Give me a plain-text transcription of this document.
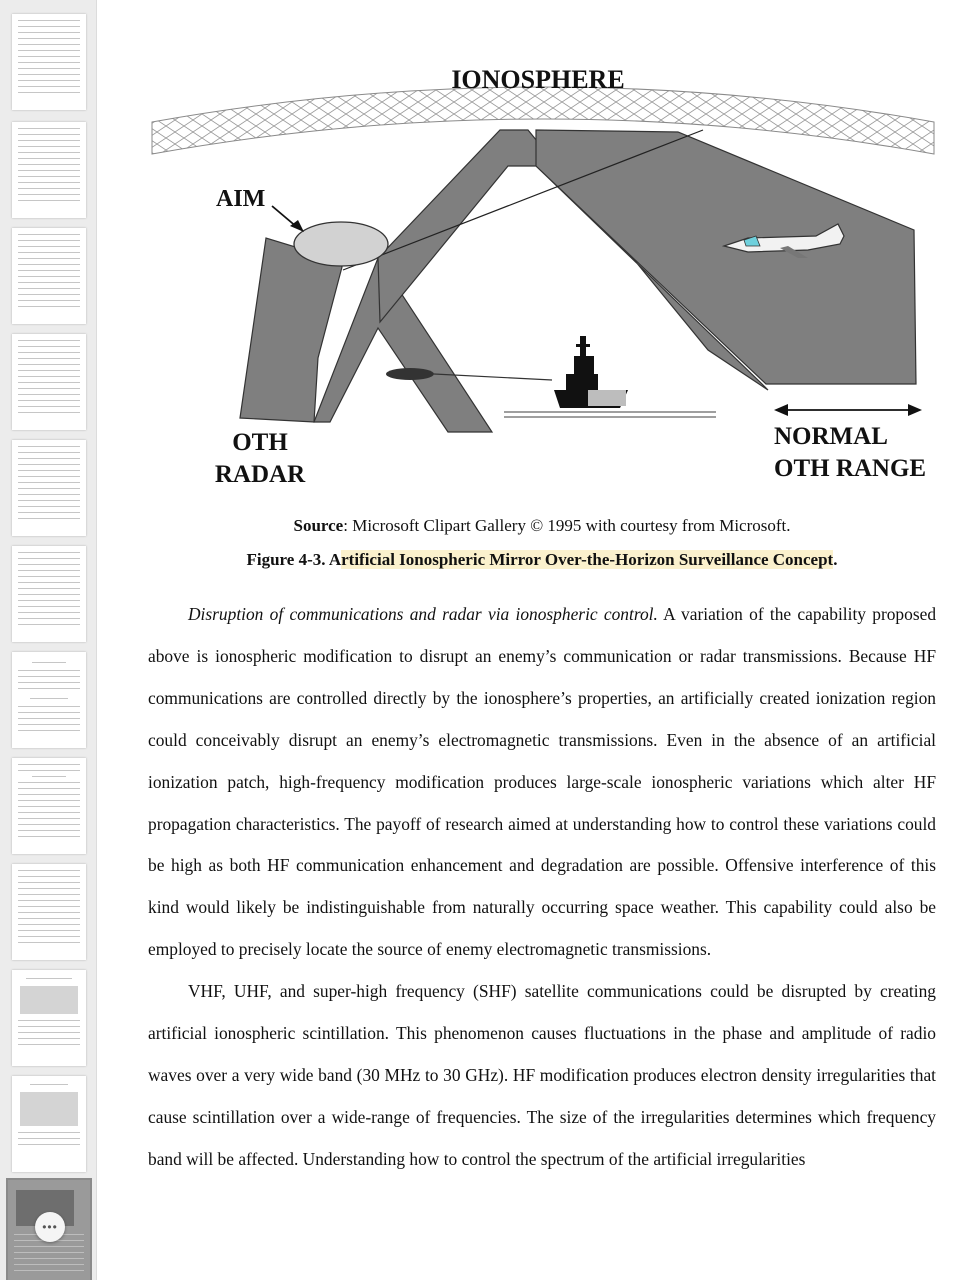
•••
IONOSPHERE
AIM
OTH
RADAR
NORMAL
OTH RANGE
Source: Microsoft Clipart Gallery © 1995 with courtesy from Microsoft.
Figure 4-3. Artificial Ionospheric Mirror Over-the-Horizon Surveillance Concept.

Disruption of communications and radar via ionospheric control. A variation of the capability proposed above is ionospheric modification to disrupt an enemy’s communication or radar transmissions. Because HF communications are controlled directly by the ionosphere’s properties, an artificially created ionization region could conceivably disrupt an enemy’s electromagnetic transmissions. Even in the absence of an artificial ionization patch, high-frequency modification produces large-scale ionospheric variations which alter HF propagation characteristics. The payoff of research aimed at understanding how to control these variations could be high as both HF communication enhancement and degradation are possible. Offensive interference of this kind would likely be indistinguishable from naturally occurring space weather. This capability could also be employed to precisely locate the source of enemy electromagnetic transmissions.

VHF, UHF, and super-high frequency (SHF) satellite communications could be disrupted by creating artificial ionospheric scintillation. This phenomenon causes fluctuations in the phase and amplitude of radio waves over a very wide band (30 MHz to 30 GHz). HF modification produces electron density irregularities that cause scintillation over a wide-range of frequencies. The size of the irregularities determines which frequency band will be affected. Understanding how to control the spectrum of the artificial irregularities
